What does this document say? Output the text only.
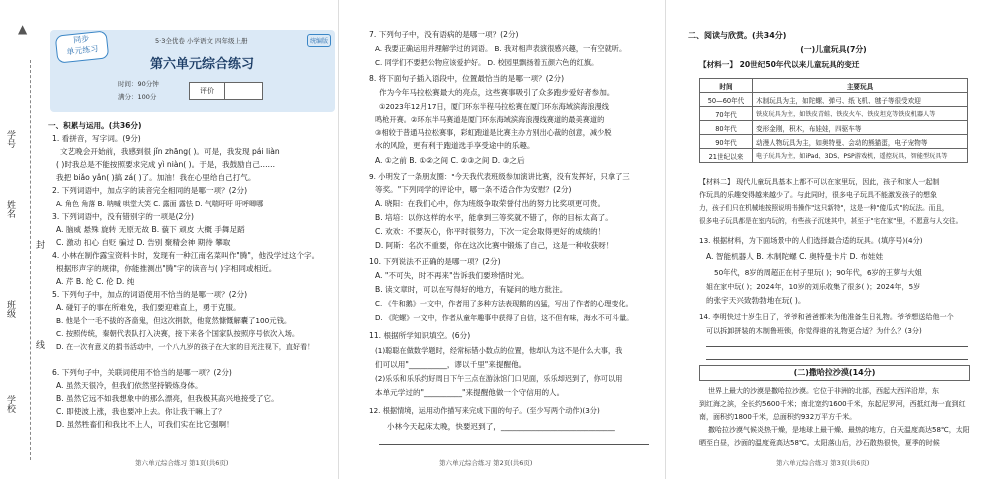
▲
学号
姓名
封
班级
线
学校
同步
单元练习
5·3全优卷 小学语文 四年级上册	统编版
第六单元综合练习
时间：90分钟
满分：100分
评价
一、积累与运用。(共36分)
1. 看拼音，写字词。(9分)
文艺晚会开始前，我感到很 jǐn zhāng( )。可是，我发现 pái liàn
( )时我总是不能按照要求完成 yì niàn( )。于是，我鼓励自己……
我把 biǎo yǎn( )搞 zá( )了。加油！我在心里给自己打气。
2. 下列词语中，加点字的读音完全相同的是哪一项？(2分)
A. 角色 角落 B. 呐喊 哄堂大笑 C. 露面 露怯 D. 气喘吁吁 吁呼唧哪
3. 下列词语中，没有错别字的一项是(2分)
A. 脑威 悬殊 旋转 无原无故 B. 藐下 顽皮 大概 手舞足蹈
C. 激动 扣心 自贬 骗过 D. 告别 聚精会神 期待 攀取
4. 小林在制作露宝资料卡时，发现有一种江南名菜叫作"腾"，他没学过这个字。
根据形声字的规律，你能推测出"腾"字的读音与( )字相同或相近。
A. 芹 B. 纶 C. 伦 D. 纯
5. 下列句子中，加点的词语使用不恰当的是哪一项？(2分)
A. 碰钉子的事在所难免，我们要迎难直上，勇于克服。
B. 他是个一毛不拔的吝啬鬼，但这次捐款，他竟然慷慨解囊了100元钱。
C. 按照传统，秦朝代表队打入决赛，接下来各个国家队按照序号依次入场。
D. 在一次有意义的捐书活动中，一个八九岁的孩子在大家的目光注视下，直好看！
6. 下列句子中，关联词使用不恰当的是哪一项？(2分)
A. 虽然天很冷，但我们依然坚持锻炼身体。
B. 虽然它远不如我想象中的那么漂亮，但我极其高兴地接受了它。
C. 即使波上涨，我也要冲上去。你让我干嘛上了？
D. 虽然牲畜们和我比不上人，可我们实在比它强啊！
第六单元综合练习 第1页(共6页)
7. 下列句子中，没有语病的是哪一项？(2分)
A. 我要正确运用并理解学过的词语。 B. 我对相声表演很感兴趣，一有空就听。
C. 同学们不要把公物应该爱护好。 D. 校园里飘扬着五颜六色的红旗。
8. 将下面句子插入语段中，位置最恰当的是哪一项？(2分)
作为今年马拉松赛最大的亮点，这些赛事吸引了众多跑步爱好者参加。
①2023年12月17日，厦门环东半程马拉松赛在厦门环东海域滨海浪漫线
鸣枪开赛。②环东半马赛道是厦门环东海域滨海浪漫线赛道的最美赛道的
③相较于普通马拉松赛事，彩虹跑道是比赛主办方别出心裁的创意，减少脱
水的风险，更有利于跑道选手享受途中的乐趣。
A. ①之前 B. ①②之间 C. ②③之间 D. ③之后
9. 小明发了一条朋友圈："今天我代表班级参加演讲比赛，没有发挥好，只拿了三
等奖。"下列同学的评论中，哪一条不适合作为安慰？(2分)
A. 晓阳：在我们心中，你为班级争取荣誉付出的努力比奖项更可贵。
B. 培培：以你这样的水平，能拿到三等奖就不错了，你的目标太高了。
C. 欢欢：不要灰心，你平时很努力，下次一定会取得更好的成绩的！
D. 阿斯：名次不重要，你在这次比赛中锻炼了自己，这是一种收获呀！
10. 下列说法不正确的是哪一项？(2分)
A. "不可失，时不再来"告诉我们要珍惜时光。
B. 读文章时，可以在写得好的地方，有疑问的地方批注。
C. 《牛和鹅》一文中，作者用了多种方法表现鹅的凶猛，写出了作者的心理变化。
D. 《陀螺》一文中，作者从童年趣事中获得了自信，这不但有味，海水不可斗量。
11. 根据所学知识填空。(6分)
(1)聪聪在做数学题时，经常标错小数点的位置，他却认为这不是什么大事，我
们可以用"__________，谬以千里"来提醒他。
(2)乐乐和乐乐约好周日下午三点在游泳馆门口见面，乐乐却迟到了，你可以用
本单元学过的"__________"来提醒他做一个守信用的人。
12. 根据情境，运用动作描写来完成下面的句子。(至少写两个动作)(3分)
小林今天起床太晚，快要迟到了，______________________________
第六单元综合练习 第2页(共6页)
二、阅读与欣赏。(共34分)
(一)儿童玩具(7分)
【材料一】 20世纪50年代以来儿童玩具的变迁
时间	主要玩具
50—60年代	木制玩具为主，如陀螺、弹弓、纸飞机、毽子等很受欢迎
70年代	铁皮玩具为主，如铁皮青蛙、铁皮火车、铁皮坦克等铁皮机器人等
80年代	变形金刚，积木，布娃娃，四驱车等
90年代	动漫人物玩具为主，如奥特曼、会动的熊猫蛋，电子宠物等
21世纪以来	电子玩具为主，如iPad、3DS、PSP游戏机，遥控玩具，智能型玩具等
【材料二】 现代儿童玩具基本上都不可以在家里玩，因此，孩子和家人一起制
作玩具的乐趣变得越来越少了。与此同时，很多电子玩具不能激发孩子的想象
力，孩子们只在机械地按照说明书操作"这只新特"，这是一种"傻瓜式"的玩法。而且，
很多电子玩具都是在室内玩的，有些孩子沉迷其中，甚至于"宅在家"里，不愿意与人交往。
13. 根据材料，为下面场景中的人们选择最合适的玩具。(填序号)(4分)
A. 智能机器人 B. 木制陀螺 C. 奥特曼卡片 D. 布娃娃
50年代，8岁的周超正在村子里玩( )；90年代，6岁的王萝与大姐
姐在家中玩( )；2024年，10岁的刘乐收集了很多( )；2024年，5岁
的张宇天兴致勃勃地在玩( )。
14. 李明快过十岁生日了，爷爷和爸爸都来为他准备生日礼物。爷爷想送给他一个
可以拆卸拼装的木制鲁班锁，你觉得谁的礼物更合适？为什么？(3分)
(二)撒哈拉沙漠(14分)
世界上最大的沙漠是撒哈拉沙漠。它位于非洲的北部，西起大西洋沿岸，东
到红海之滨，全长约5600千米；南北宽约1600千米，东起尼罗河，西抵红海一直到红
南，面积约1800千米，总面积约932万平方千米。
撒哈拉沙漠气候炎热干燥，是地球上最干燥、最热的地方，白天温度高达58℃，太阳
晒至白昼，沙面的温度竟高达58℃。太阳落山后，沙石散热很快，夏季的时候
第六单元综合练习 第3页(共6页)
